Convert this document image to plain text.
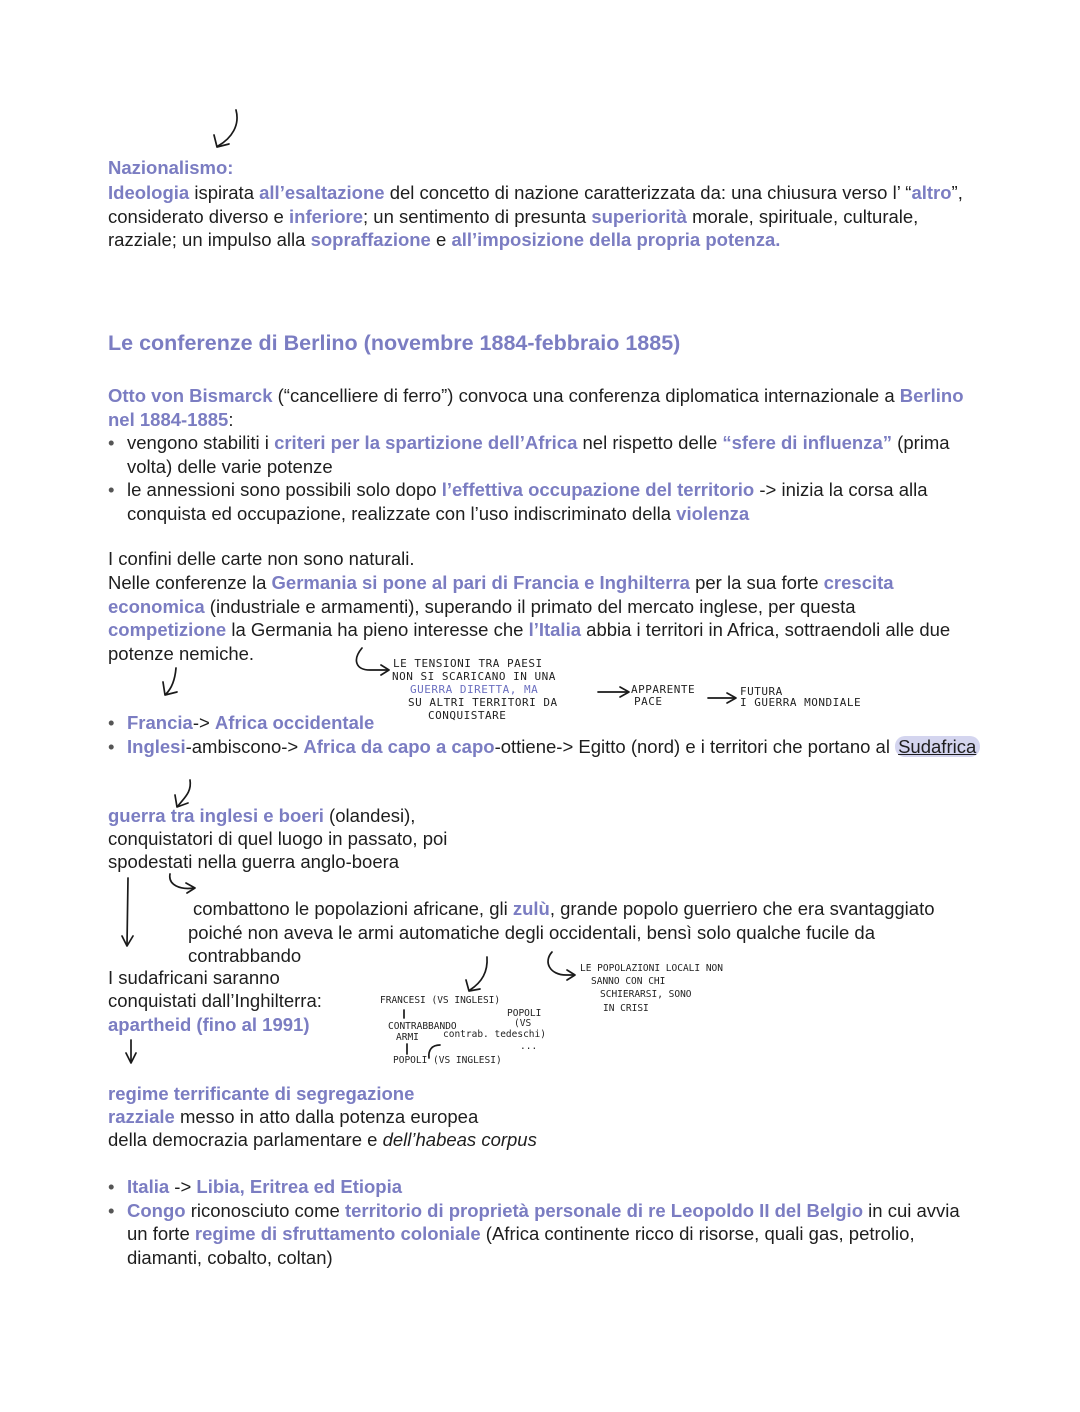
Nazionalismo:
Ideologia ispirata all’esaltazione del concetto di nazione caratterizzata da: una chiusura verso l’ “altro”, considerato diverso e inferiore; un sentimento di presunta superiorità morale, spirituale, culturale, razziale; un impulso alla sopraffazione e all’imposizione della propria potenza.
Le conferenze di Berlino (novembre 1884-febbraio 1885)
Otto von Bismarck (“cancelliere di ferro”) convoca una conferenza diplomatica internazionale a Berlino nel 1884-1885:
• vengono stabiliti i criteri per la spartizione dell’Africa nel rispetto delle “sfere di influenza” (prima volta) delle varie potenze
• le annessioni sono possibili solo dopo l’effettiva occupazione del territorio -> inizia la corsa alla conquista ed occupazione, realizzate con l’uso indiscriminato della violenza
I confini delle carte non sono naturali.
Nelle conferenze la Germania si pone al pari di Francia e Inghilterra per la sua forte crescita economica (industriale e armamenti), superando il primato del mercato inglese, per questa competizione la Germania ha pieno interesse che l’Italia abbia i territori in Africa, sottraendoli alle due potenze nemiche.	LE TENSIONI TRA PAESI
NON SI SCARICANO IN UNA
GUERRA DIRETTA, MA
SU ALTRI TERRITORI DA
CONQUISTARE
APPARENTE
PACE
FUTURA
I GUERRA MONDIALE
• Francia-> Africa occidentale
• Inglesi-ambiscono-> Africa da capo a capo-ottiene-> Egitto (nord) e i territori che portano al Sudafrica
guerra tra inglesi e boeri (olandesi),
conquistatori di quel luogo in passato, poi
spodestati nella guerra anglo-boera
combattono le popolazioni africane, gli zulù, grande popolo guerriero che era svantaggiato poiché non aveva le armi automatiche degli occidentali, bensì solo qualche fucile da contrabbando
I sudafricani saranno
conquistati dall’Inghilterra:
apartheid (fino al 1991)
FRANCESI (VS INGLESI)
CONTRABBANDO
ARMI
POPOLI (VS INGLESI)
POPOLI
(VS
contrab. tedeschi)
...
LE POPOLAZIONI LOCALI NON
SANNO CON CHI
SCHIERARSI, SONO
IN CRISI
regime terrificante di segregazione
razziale messo in atto dalla potenza europea
della democrazia parlamentare e dell’habeas corpus
• Italia -> Libia, Eritrea ed Etiopia
• Congo riconosciuto come territorio di proprietà personale di re Leopoldo II del Belgio in cui avvia un forte regime di sfruttamento coloniale (Africa continente ricco di risorse, quali gas, petrolio, diamanti, cobalto, coltan)
